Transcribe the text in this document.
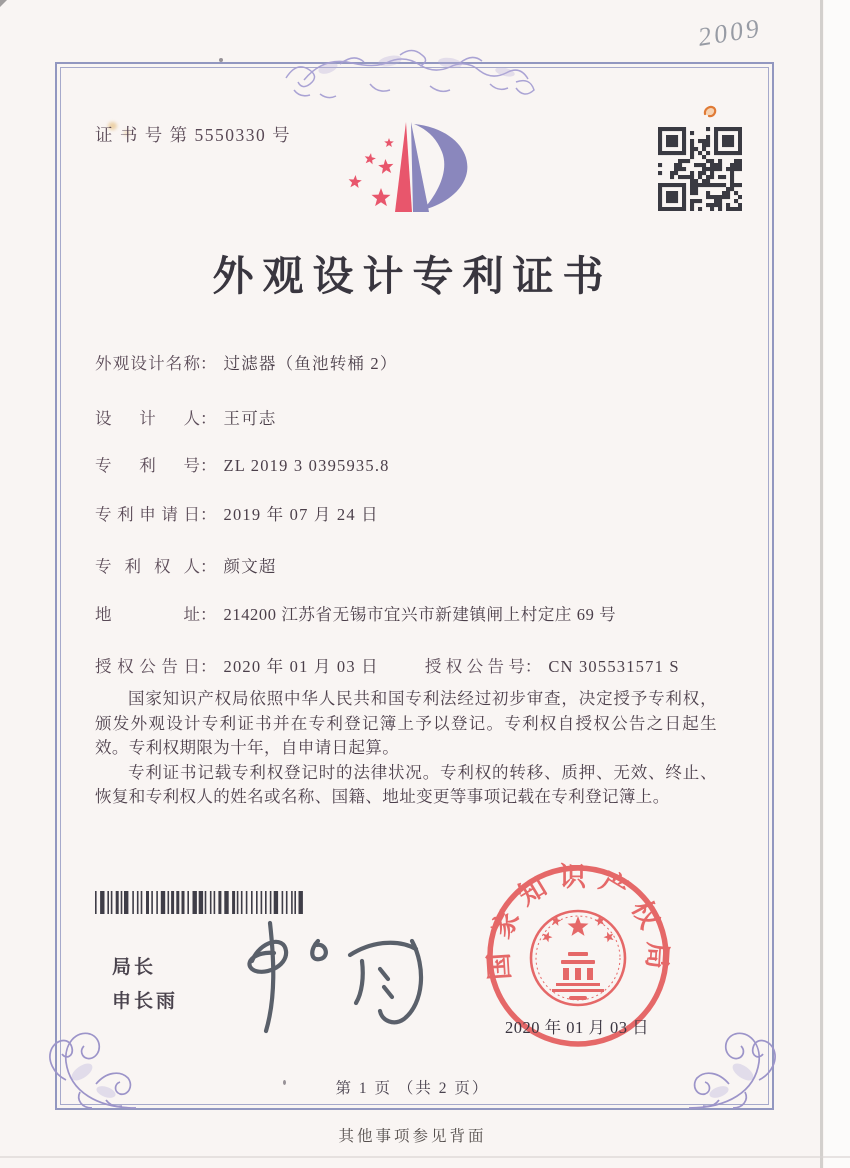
2009
证 书 号 第 5550330 号
外观设计专利证书
外观设计名称： 过滤器（鱼池转桶 2）
设计人： 王可志
专利号： ZL 2019 3 0395935.8
专利申请日： 2019 年 07 月 24 日
专利权人： 颜文超
地址： 214200 江苏省无锡市宜兴市新建镇闸上村定庄 69 号
授权公告日： 2020 年 01 月 03 日	授权公告号： CN 305531571 S

国家知识产权局依照中华人民共和国专利法经过初步审查，决定授予专利权，颁发外观设计专利证书并在专利登记簿上予以登记。专利权自授权公告之日起生效。专利权期限为十年，自申请日起算。

专利证书记载专利权登记时的法律状况。专利权的转移、质押、无效、终止、恢复和专利权人的姓名或名称、国籍、地址变更等事项记载在专利登记簿上。

局长
申长雨
国家知识产权局
2020 年 01 月 03 日
第 1 页 （共 2 页）
其他事项参见背面
